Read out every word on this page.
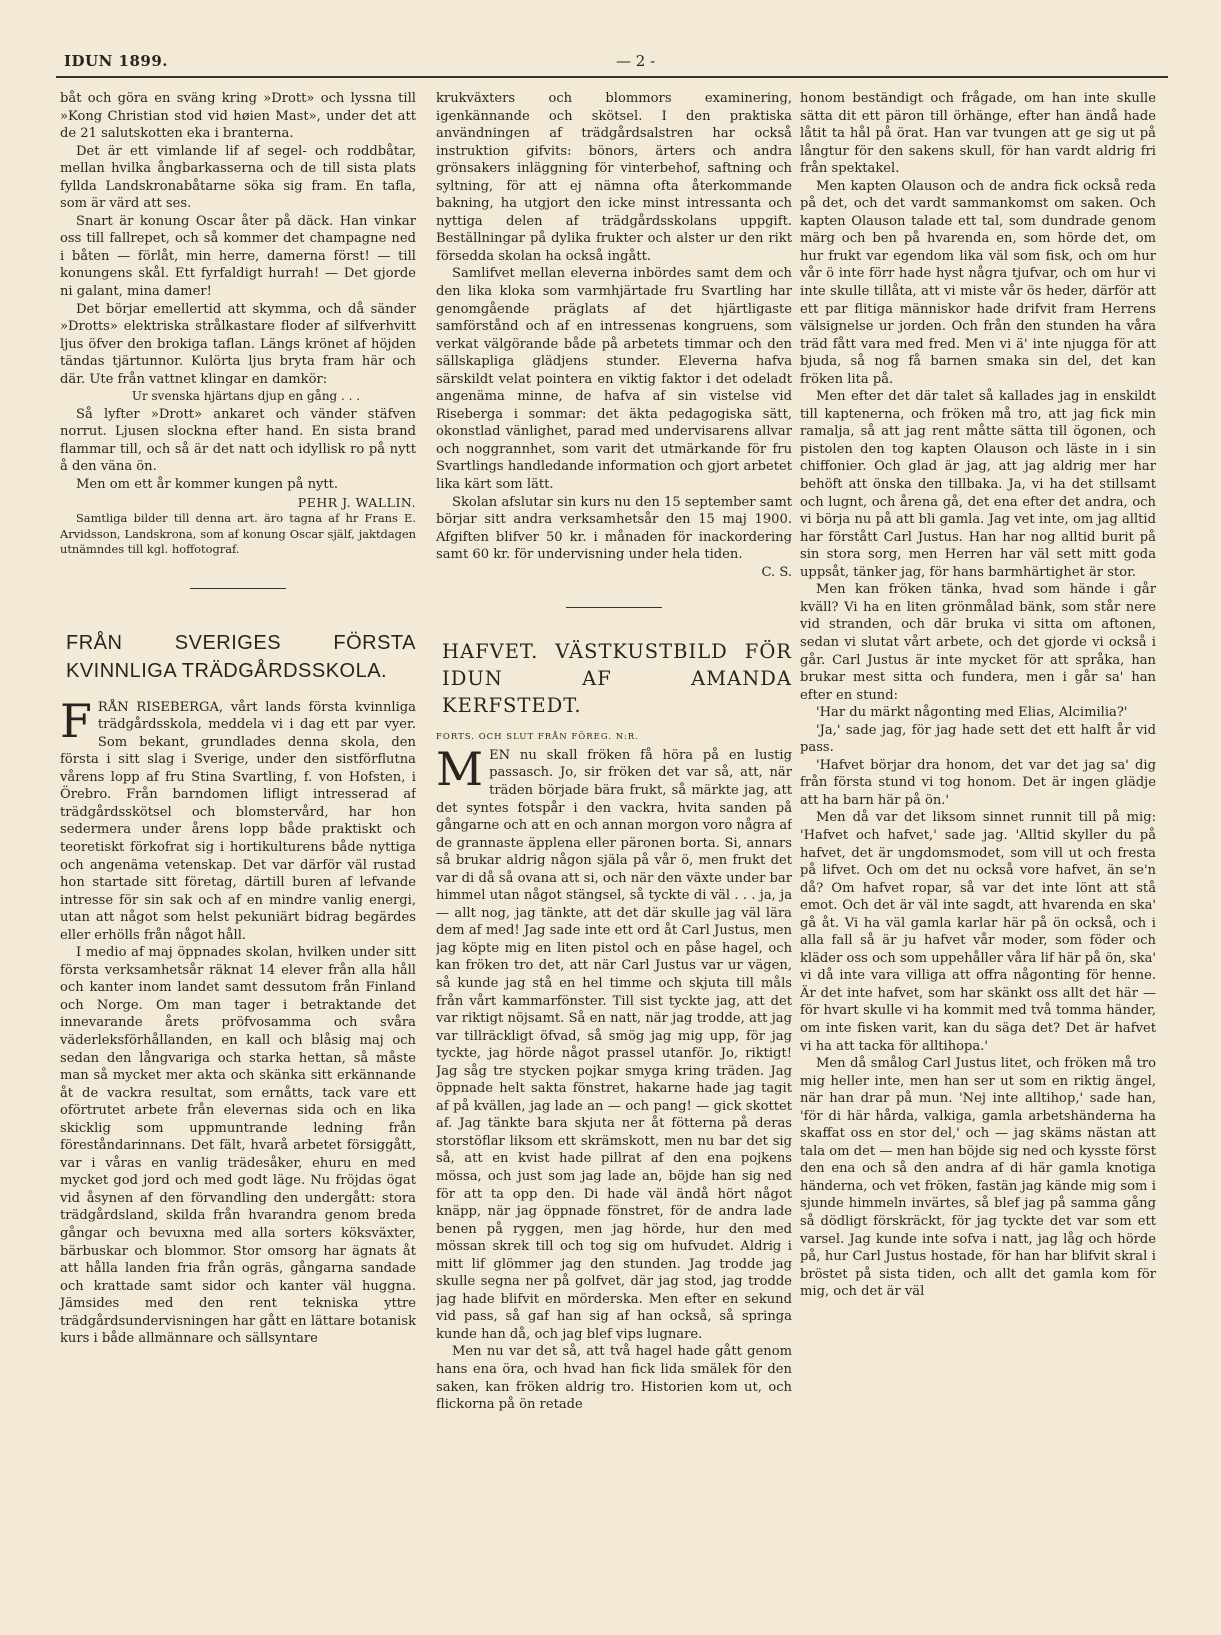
IDUN 1899.	— 2 -

båt och göra en sväng kring »Drott» och lyssna till »Kong Christian stod vid høien Mast», under det att de 21 salutskotten eka i branterna.

Det är ett vimlande lif af segel- och roddbåtar, mellan hvilka ångbarkasserna och de till sista plats fyllda Landskronabåtarne söka sig fram. En tafla, som är värd att ses.

Snart är konung Oscar åter på däck. Han vinkar oss till fallrepet, och så kommer det champagne ned i båten — förlåt, min herre, damerna först! — till konungens skål. Ett fyrfaldigt hurrah! — Det gjorde ni galant, mina damer!

Det börjar emellertid att skymma, och då sänder »Drotts» elektriska strålkastare floder af silfverhvitt ljus öfver den brokiga taflan. Längs krönet af höjden tändas tjärtunnor. Kulörta ljus bryta fram här och där. Ute från vattnet klingar en damkör:

Ur svenska hjärtans djup en gång . . .

Så lyfter »Drott» ankaret och vänder stäfven norrut. Ljusen slockna efter hand. En sista brand flammar till, och så är det natt och idyllisk ro på nytt å den väna ön.

Men om ett år kommer kungen på nytt.

PEHR J. WALLIN.

Samtliga bilder till denna art. äro tagna af hr Frans E. Arvidsson, Landskrona, som af konung Oscar själf, jaktdagen utnämndes till kgl. hoffotograf.

FRÅN SVERIGES FÖRSTA KVINNLIGA TRÄDGÅRDSSKOLA.
F RÅN RISEBERGA, vårt lands första kvinnliga trädgårdsskola, meddela vi i dag ett par vyer. Som bekant, grundlades denna skola, den första i sitt slag i Sverige, under den sistförflutna vårens lopp af fru Stina Svartling, f. von Hofsten, i Örebro. Från barndomen lifligt intresserad af trädgårdsskötsel och blomstervård, har hon sedermera under årens lopp både praktiskt och teoretiskt förkofrat sig i hortikulturens både nyttiga och angenäma vetenskap. Det var därför väl rustad hon startade sitt företag, därtill buren af lefvande intresse för sin sak och af en mindre vanlig energi, utan att något som helst pekuniärt bidrag begärdes eller erhölls från något håll.

I medio af maj öppnades skolan, hvilken under sitt första verksamhetsår räknat 14 elever från alla håll och kanter inom landet samt dessutom från Finland och Norge. Om man tager i betraktande det innevarande årets pröfvosamma och svåra väderleksförhållanden, en kall och blåsig maj och sedan den långvariga och starka hettan, så måste man så mycket mer akta och skänka sitt erkännande åt de vackra resultat, som ernåtts, tack vare ett oförtrutet arbete från elevernas sida och en lika skicklig som uppmuntrande ledning från föreståndarinnans. Det fält, hvarå arbetet försiggått, var i våras en vanlig trädesåker, ehuru en med mycket god jord och med godt läge. Nu fröjdas ögat vid åsynen af den förvandling den undergått: stora trädgårdsland, skilda från hvarandra genom breda gångar och bevuxna med alla sorters köksväxter, bärbuskar och blommor. Stor omsorg har ägnats åt att hålla landen fria från ogräs, gångarna sandade och krattade samt sidor och kanter väl huggna. Jämsides med den rent tekniska yttre trädgårdsundervisningen har gått en lättare botanisk kurs i både allmännare och sällsyntare

krukväxters och blommors examinering, igenkännande och skötsel. I den praktiska användningen af trädgårdsalstren har också instruktion gifvits: bönors, ärters och andra grönsakers inläggning för vinterbehof, saftning och syltning, för att ej nämna ofta återkommande bakning, ha utgjort den icke minst intressanta och nyttiga delen af trädgårdsskolans uppgift. Beställningar på dylika frukter och alster ur den rikt försedda skolan ha också ingått.

Samlifvet mellan eleverna inbördes samt dem och den lika kloka som varmhjärtade fru Svartling har genomgående präglats af det hjärtligaste samförstånd och af en intressenas kongruens, som verkat välgörande både på arbetets timmar och den sällskapliga glädjens stunder. Eleverna hafva särskildt velat pointera en viktig faktor i det odeladt angenäma minne, de hafva af sin vistelse vid Riseberga i sommar: det äkta pedagogiska sätt, okonstlad vänlighet, parad med undervisarens allvar och noggrannhet, som varit det utmärkande för fru Svartlings handledande information och gjort arbetet lika kärt som lätt.

Skolan afslutar sin kurs nu den 15 september samt börjar sitt andra verksamhetsår den 15 maj 1900. Afgiften blifver 50 kr. i månaden för inackordering samt 60 kr. för undervisning under hela tiden.

C. S.

HAFVET. VÄSTKUSTBILD FÖR IDUN AF AMANDA KERFSTEDT.

FORTS. OCH SLUT FRÅN FÖREG. N:R.

M EN nu skall fröken få höra på en lustig passasch. Jo, sir fröken det var så, att, när träden började bära frukt, så märkte jag, att det syntes fotspår i den vackra, hvita sanden på gångarne och att en och annan morgon voro några af de grannaste äpplena eller päronen borta. Si, annars så brukar aldrig någon själa på vår ö, men frukt det var di då så ovana att si, och när den växte under bar himmel utan något stängsel, så tyckte di väl . . . ja, ja — allt nog, jag tänkte, att det där skulle jag väl lära dem af med! Jag sade inte ett ord åt Carl Justus, men jag köpte mig en liten pistol och en påse hagel, och kan fröken tro det, att när Carl Justus var ur vägen, så kunde jag stå en hel timme och skjuta till måls från vårt kammarfönster. Till sist tyckte jag, att det var riktigt nöjsamt. Så en natt, när jag trodde, att jag var tillräckligt öfvad, så smög jag mig upp, för jag tyckte, jag hörde något prassel utanför. Jo, riktigt! Jag såg tre stycken pojkar smyga kring träden. Jag öppnade helt sakta fönstret, hakarne hade jag tagit af på kvällen, jag lade an — och pang! — gick skottet af. Jag tänkte bara skjuta ner åt fötterna på deras storstöflar liksom ett skrämskott, men nu bar det sig så, att en kvist hade pillrat af den ena pojkens mössa, och just som jag lade an, böjde han sig ned för att ta opp den. Di hade väl ändå hört något knäpp, när jag öppnade fönstret, för de andra lade benen på ryggen, men jag hörde, hur den med mössan skrek till och tog sig om hufvudet. Aldrig i mitt lif glömmer jag den stunden. Jag trodde jag skulle segna ner på golfvet, där jag stod, jag trodde jag hade blifvit en mörderska. Men efter en sekund vid pass, så gaf han sig af han också, så springa kunde han då, och jag blef vips lugnare.

Men nu var det så, att två hagel hade gått genom hans ena öra, och hvad han fick lida smälek för den saken, kan fröken aldrig tro. Historien kom ut, och flickorna på ön retade

honom beständigt och frågade, om han inte skulle sätta dit ett päron till örhänge, efter han ändå hade låtit ta hål på örat. Han var tvungen att ge sig ut på långtur för den sakens skull, för han vardt aldrig fri från spektakel.

Men kapten Olauson och de andra fick också reda på det, och det vardt sammankomst om saken. Och kapten Olauson talade ett tal, som dundrade genom märg och ben på hvarenda en, som hörde det, om hur frukt var egendom lika väl som fisk, och om hur vår ö inte förr hade hyst några tjufvar, och om hur vi inte skulle tillåta, att vi miste vår ös heder, därför att ett par flitiga människor hade drifvit fram Herrens välsignelse ur jorden. Och från den stunden ha våra träd fått vara med fred. Men vi ä' inte njugga för att bjuda, så nog få barnen smaka sin del, det kan fröken lita på.

Men efter det där talet så kallades jag in enskildt till kaptenerna, och fröken må tro, att jag fick min ramalja, så att jag rent måtte sätta till ögonen, och pistolen den tog kapten Olauson och läste in i sin chiffonier. Och glad är jag, att jag aldrig mer har behöft att önska den tillbaka. Ja, vi ha det stillsamt och lugnt, och årena gå, det ena efter det andra, och vi börja nu på att bli gamla. Jag vet inte, om jag alltid har förstått Carl Justus. Han har nog alltid burit på sin stora sorg, men Herren har väl sett mitt goda uppsåt, tänker jag, för hans barmhärtighet är stor.

Men kan fröken tänka, hvad som hände i går kväll? Vi ha en liten grönmålad bänk, som står nere vid stranden, och där bruka vi sitta om aftonen, sedan vi slutat vårt arbete, och det gjorde vi också i går. Carl Justus är inte mycket för att språka, han brukar mest sitta och fundera, men i går sa' han efter en stund:

'Har du märkt någonting med Elias, Alcimilia?'

'Ja,' sade jag, för jag hade sett det ett halft år vid pass.

'Hafvet börjar dra honom, det var det jag sa' dig från första stund vi tog honom. Det är ingen glädje att ha barn här på ön.'

Men då var det liksom sinnet runnit till på mig: 'Hafvet och hafvet,' sade jag. 'Alltid skyller du på hafvet, det är ungdomsmodet, som vill ut och fresta på lifvet. Och om det nu också vore hafvet, än se'n då? Om hafvet ropar, så var det inte lönt att stå emot. Och det är väl inte sagdt, att hvarenda en ska' gå åt. Vi ha väl gamla karlar här på ön också, och i alla fall så är ju hafvet vår moder, som föder och kläder oss och som uppehåller våra lif här på ön, ska' vi då inte vara villiga att offra någonting för henne. Är det inte hafvet, som har skänkt oss allt det här — för hvart skulle vi ha kommit med två tomma händer, om inte fisken varit, kan du säga det? Det är hafvet vi ha att tacka för alltihopa.'

Men då smålog Carl Justus litet, och fröken må tro mig heller inte, men han ser ut som en riktig ängel, när han drar på mun. 'Nej inte alltihop,' sade han, 'för di här hårda, valkiga, gamla arbetshänderna ha skaffat oss en stor del,' och — jag skäms nästan att tala om det — men han böjde sig ned och kysste först den ena och så den andra af di här gamla knotiga händerna, och vet fröken, fastän jag kände mig som i sjunde himmeln invärtes, så blef jag på samma gång så dödligt förskräckt, för jag tyckte det var som ett varsel. Jag kunde inte sofva i natt, jag låg och hörde på, hur Carl Justus hostade, för han har blifvit skral i bröstet på sista tiden, och allt det gamla kom för mig, och det är väl
